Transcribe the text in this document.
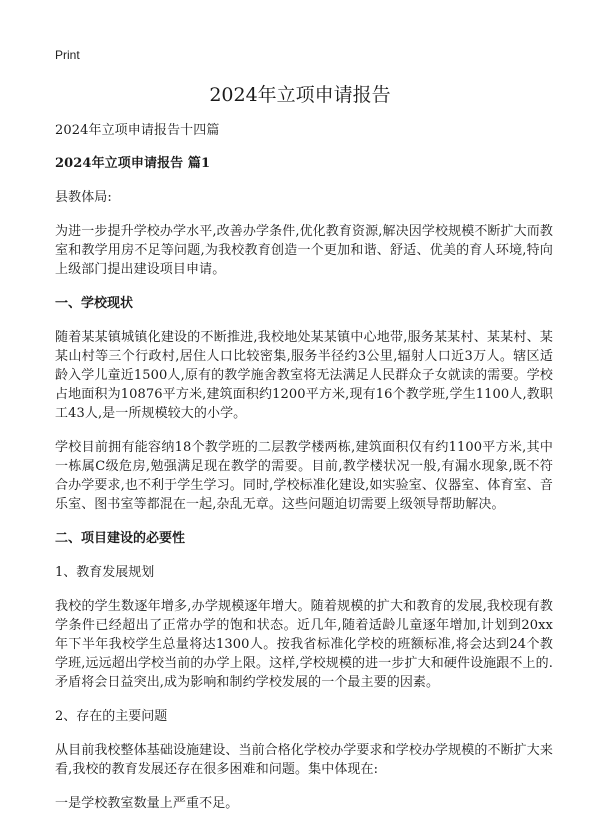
Print
2024年立项申请报告

2024年立项申请报告十四篇

2024年立项申请报告 篇1

县教体局:

为进一步提升学校办学水平,改善办学条件,优化教育资源,解决因学校规模不断扩大而教室和教学用房不足等问题,为我校教育创造一个更加和谐、舒适、优美的育人环境,特向上级部门提出建设项目申请。

一、学校现状

随着某某镇城镇化建设的不断推进,我校地处某某镇中心地带,服务某某村、某某村、某某山村等三个行政村,居住人口比较密集,服务半径约3公里,辐射人口近3万人。辖区适龄入学儿童近1500人,原有的教学施舍教室将无法满足人民群众子女就读的需要。学校占地面积为10876平方米,建筑面积约1200平方米,现有16个教学班,学生1100人,教职工43人,是一所规模较大的小学。

学校目前拥有能容纳18个教学班的二层教学楼两栋,建筑面积仅有约1100平方米,其中一栋属C级危房,勉强满足现在教学的需要。目前,教学楼状况一般,有漏水现象,既不符合办学要求,也不利于学生学习。同时,学校标准化建设,如实验室、仪器室、体育室、音乐室、图书室等都混在一起,杂乱无章。这些问题迫切需要上级领导帮助解决。

二、项目建设的必要性

1、教育发展规划

我校的学生数逐年增多,办学规模逐年增大。随着规模的扩大和教育的发展,我校现有教学条件已经超出了正常办学的饱和状态。近几年,随着适龄儿童逐年增加,计划到20xx年下半年我校学生总量将达1300人。按我省标准化学校的班额标准,将会达到24个教学班,远远超出学校当前的办学上限。这样,学校规模的进一步扩大和硬件设施跟不上的.矛盾将会日益突出,成为影响和制约学校发展的一个最主要的因素。

2、存在的主要问题

从目前我校整体基础设施建设、当前合格化学校办学要求和学校办学规模的不断扩大来看,我校的教育发展还存在很多困难和问题。集中体现在:

一是学校教室数量上严重不足。
